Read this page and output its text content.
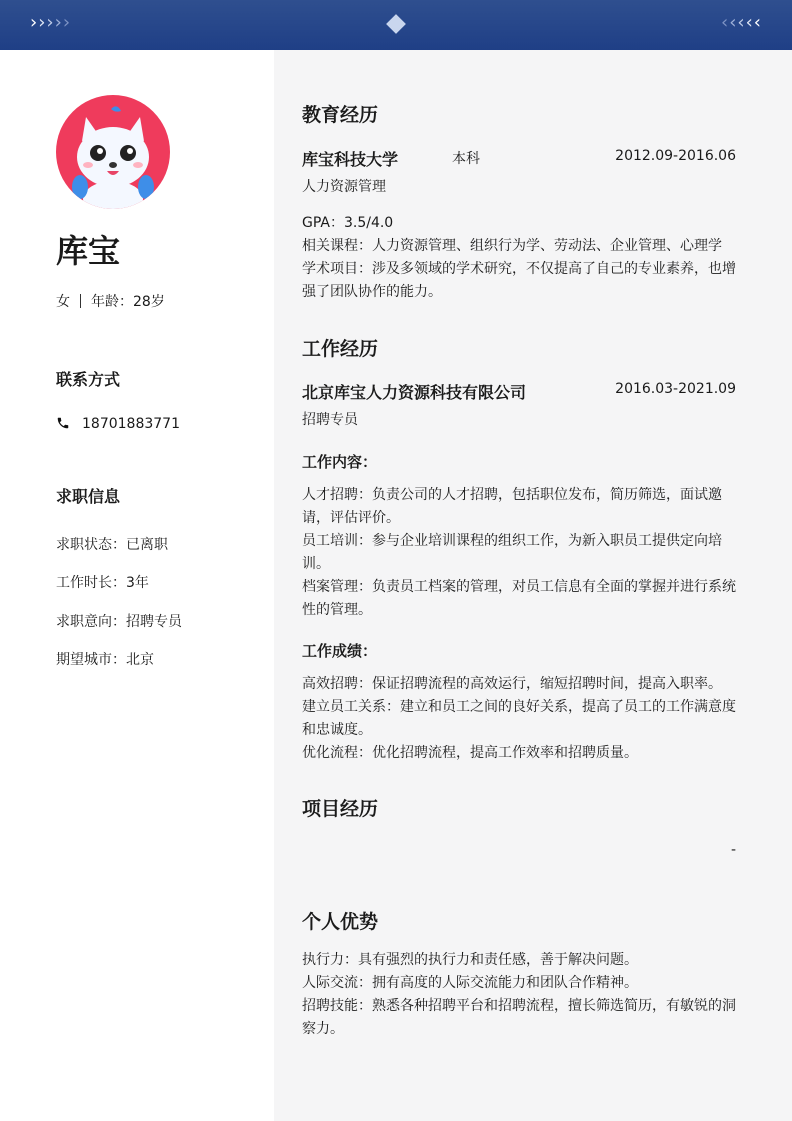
›››››	‹‹‹‹‹
库宝
女 年龄：28岁
联系方式
18701883771
求职信息
求职状态：已离职
工作时长：3年
求职意向：招聘专员
期望城市：北京
教育经历
库宝科技大学	本科	2012.09-2016.06
人力资源管理
GPA：3.5/4.0
相关课程：人力资源管理、组织行为学、劳动法、企业管理、心理学
学术项目：涉及多领域的学术研究，不仅提高了自己的专业素养，也增强了团队协作的能力。
工作经历
北京库宝人力资源科技有限公司	2016.03-2021.09
招聘专员
工作内容：
人才招聘：负责公司的人才招聘，包括职位发布，简历筛选，面试邀请，评估评价。
员工培训：参与企业培训课程的组织工作，为新入职员工提供定向培训。
档案管理：负责员工档案的管理，对员工信息有全面的掌握并进行系统性的管理。
工作成绩：
高效招聘：保证招聘流程的高效运行，缩短招聘时间，提高入职率。
建立员工关系：建立和员工之间的良好关系，提高了员工的工作满意度和忠诚度。
优化流程：优化招聘流程，提高工作效率和招聘质量。
项目经历
-
个人优势
执行力：具有强烈的执行力和责任感，善于解决问题。
人际交流：拥有高度的人际交流能力和团队合作精神。
招聘技能：熟悉各种招聘平台和招聘流程，擅长筛选简历，有敏锐的洞察力。
